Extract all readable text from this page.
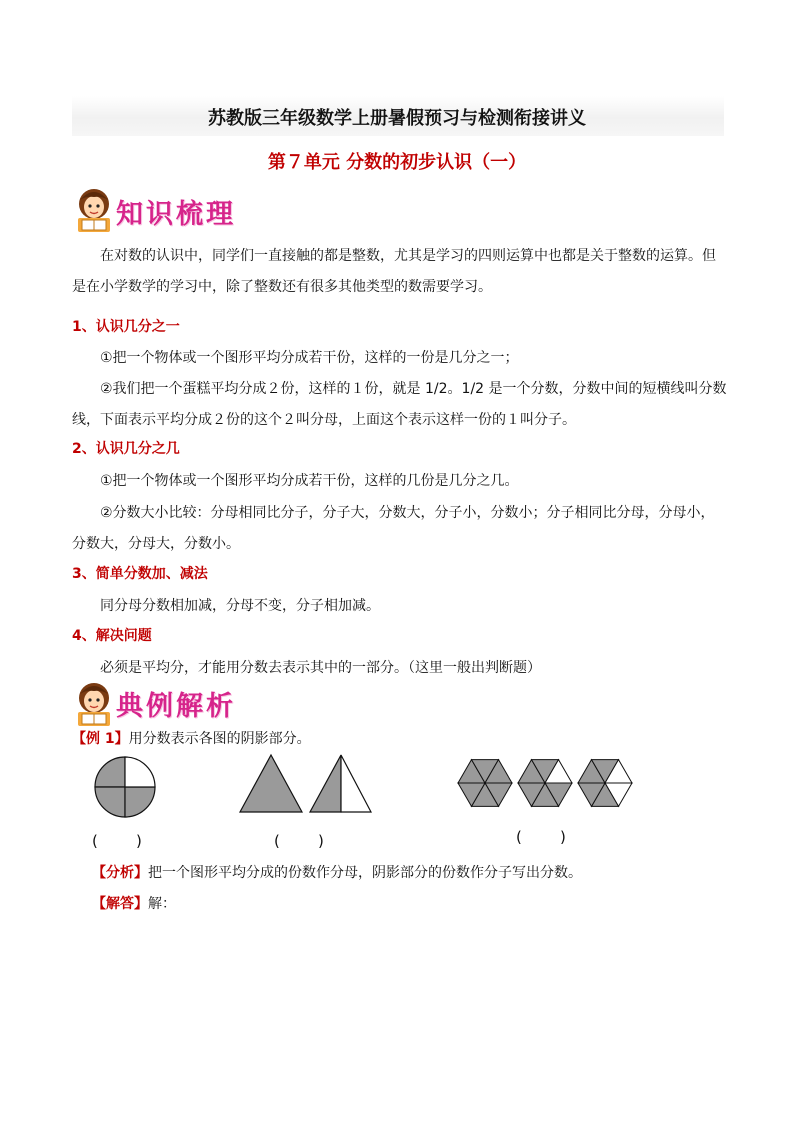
苏教版三年级数学上册暑假预习与检测衔接讲义
第７单元 分数的初步认识（一）
知识梳理
在对数的认识中，同学们一直接触的都是整数，尤其是学习的四则运算中也都是关于整数的运算。但是在小学数学的学习中，除了整数还有很多其他类型的数需要学习。
1、认识几分之一
①把一个物体或一个图形平均分成若干份，这样的一份是几分之一；
②我们把一个蛋糕平均分成２份，这样的１份，就是 1/2。1/2 是一个分数，分数中间的短横线叫分数
线，下面表示平均分成２份的这个２叫分母，上面这个表示这样一份的１叫分子。
2、认识几分之几
①把一个物体或一个图形平均分成若干份，这样的几份是几分之几。
②分数大小比较：分母相同比分子，分子大，分数大，分子小，分数小；分子相同比分母，分母小，
分数大，分母大，分数小。
3、简单分数加、减法
同分母分数相加减，分母不变，分子相加减。
4、解决问题
必须是平均分，才能用分数去表示其中的一部分。（这里一般出判断题）
典例解析
【例 1】用分数表示各图的阴影部分。
(        )	(        )	(        )
【分析】把一个图形平均分成的份数作分母，阴影部分的份数作分子写出分数。
【解答】解：
